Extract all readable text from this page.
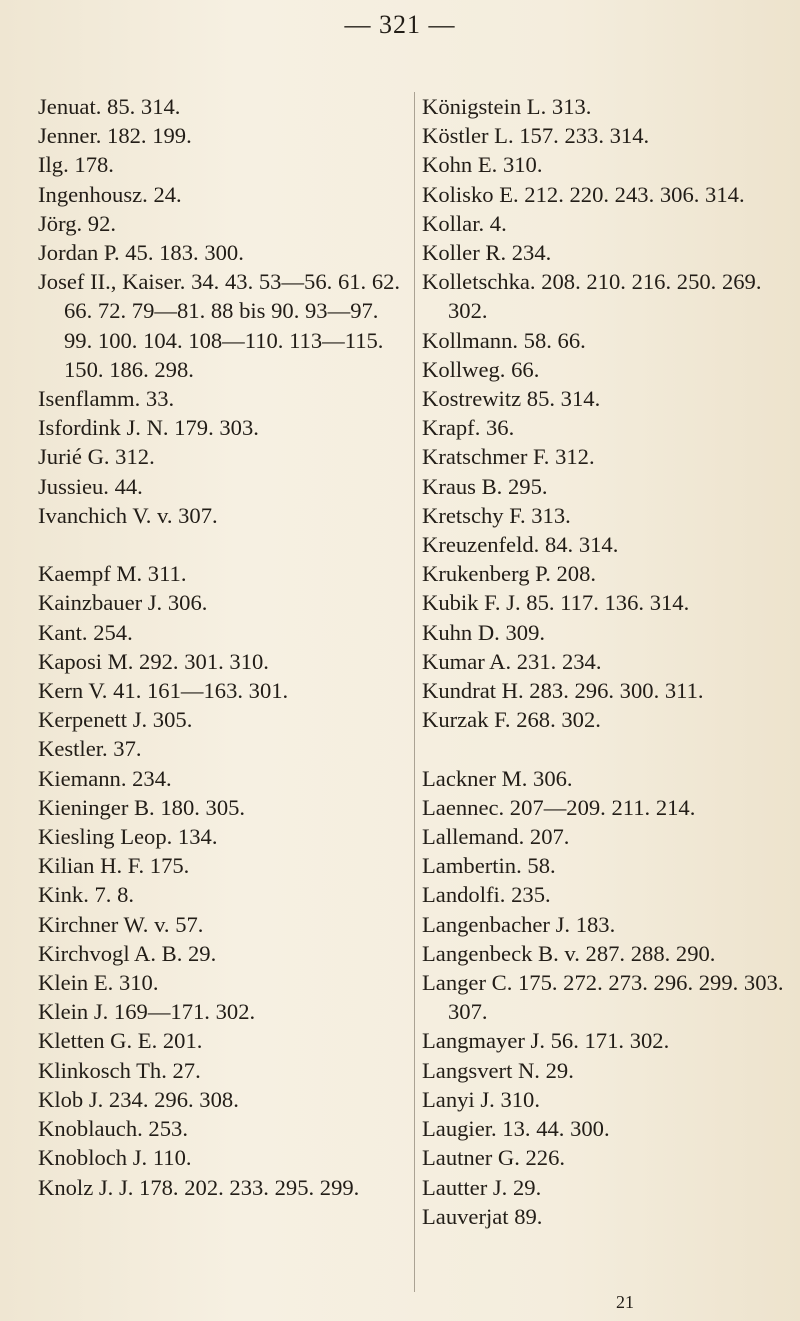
— 321 —
Jenuat. 85. 314.
Jenner. 182. 199.
Ilg. 178.
Ingenhousz. 24.
Jörg. 92.
Jordan P. 45. 183. 300.
Josef II., Kaiser. 34. 43. 53—56. 61. 62. 66. 72. 79—81. 88 bis 90. 93—97. 99. 100. 104. 108—110. 113—115. 150. 186. 298.
Isenflamm. 33.
Isfordink J. N. 179. 303.
Jurié G. 312.
Jussieu. 44.
Ivanchich V. v. 307.
Kaempf M. 311.
Kainzbauer J. 306.
Kant. 254.
Kaposi M. 292. 301. 310.
Kern V. 41. 161—163. 301.
Kerpenett J. 305.
Kestler. 37.
Kiemann. 234.
Kieninger B. 180. 305.
Kiesling Leop. 134.
Kilian H. F. 175.
Kink. 7. 8.
Kirchner W. v. 57.
Kirchvogl A. B. 29.
Klein E. 310.
Klein J. 169—171. 302.
Kletten G. E. 201.
Klinkosch Th. 27.
Klob J. 234. 296. 308.
Knoblauch. 253.
Knobloch J. 110.
Knolz J. J. 178. 202. 233. 295. 299.
Königstein L. 313.
Köstler L. 157. 233. 314.
Kohn E. 310.
Kolisko E. 212. 220. 243. 306. 314.
Kollar. 4.
Koller R. 234.
Kolletschka. 208. 210. 216. 250. 269. 302.
Kollmann. 58. 66.
Kollweg. 66.
Kostrewitz 85. 314.
Krapf. 36.
Kratschmer F. 312.
Kraus B. 295.
Kretschy F. 313.
Kreuzenfeld. 84. 314.
Krukenberg P. 208.
Kubik F. J. 85. 117. 136. 314.
Kuhn D. 309.
Kumar A. 231. 234.
Kundrat H. 283. 296. 300. 311.
Kurzak F. 268. 302.
Lackner M. 306.
Laennec. 207—209. 211. 214.
Lallemand. 207.
Lambertin. 58.
Landolfi. 235.
Langenbacher J. 183.
Langenbeck B. v. 287. 288. 290.
Langer C. 175. 272. 273. 296. 299. 303. 307.
Langmayer J. 56. 171. 302.
Langsvert N. 29.
Lanyi J. 310.
Laugier. 13. 44. 300.
Lautner G. 226.
Lautter J. 29.
Lauverjat 89.
21
